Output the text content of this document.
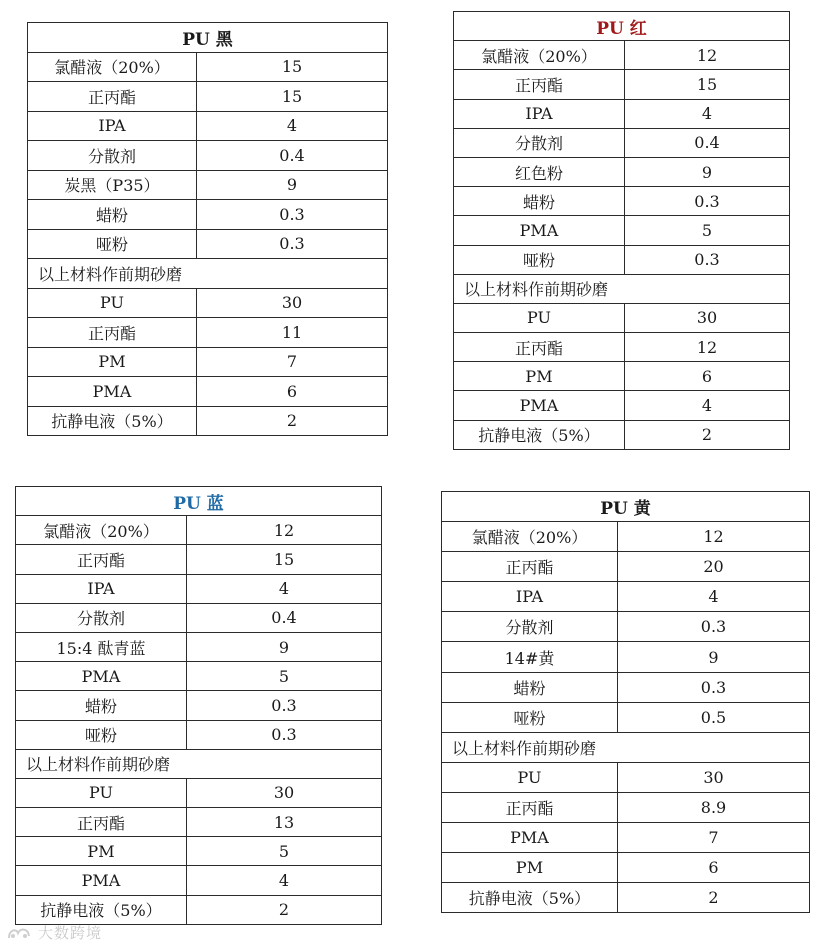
PU 黑	
氯醋液（20%）	15
正丙酯	15
IPA	4
分散剂	0.4
炭黑（P35）	9
蜡粉	0.3
哑粉	0.3
以上材料作前期砂磨	
PU	30
正丙酯	11
PM	7
PMA	6
抗静电液（5%）	2
PU 红	
氯醋液（20%）	12
正丙酯	15
IPA	4
分散剂	0.4
红色粉	9
蜡粉	0.3
PMA	5
哑粉	0.3
以上材料作前期砂磨	
PU	30
正丙酯	12
PM	6
PMA	4
抗静电液（5%）	2
PU 蓝	
氯醋液（20%）	12
正丙酯	15
IPA	4
分散剂	0.4
15:4 酞青蓝	9
PMA	5
蜡粉	0.3
哑粉	0.3
以上材料作前期砂磨	
PU	30
正丙酯	13
PM	5
PMA	4
抗静电液（5%）	2
PU 黄	
氯醋液（20%）	12
正丙酯	20
IPA	4
分散剂	0.3
14#黄	9
蜡粉	0.3
哑粉	0.5
以上材料作前期砂磨	
PU	30
正丙酯	8.9
PMA	7
PM	6
抗静电液（5%）	2
大数跨境
